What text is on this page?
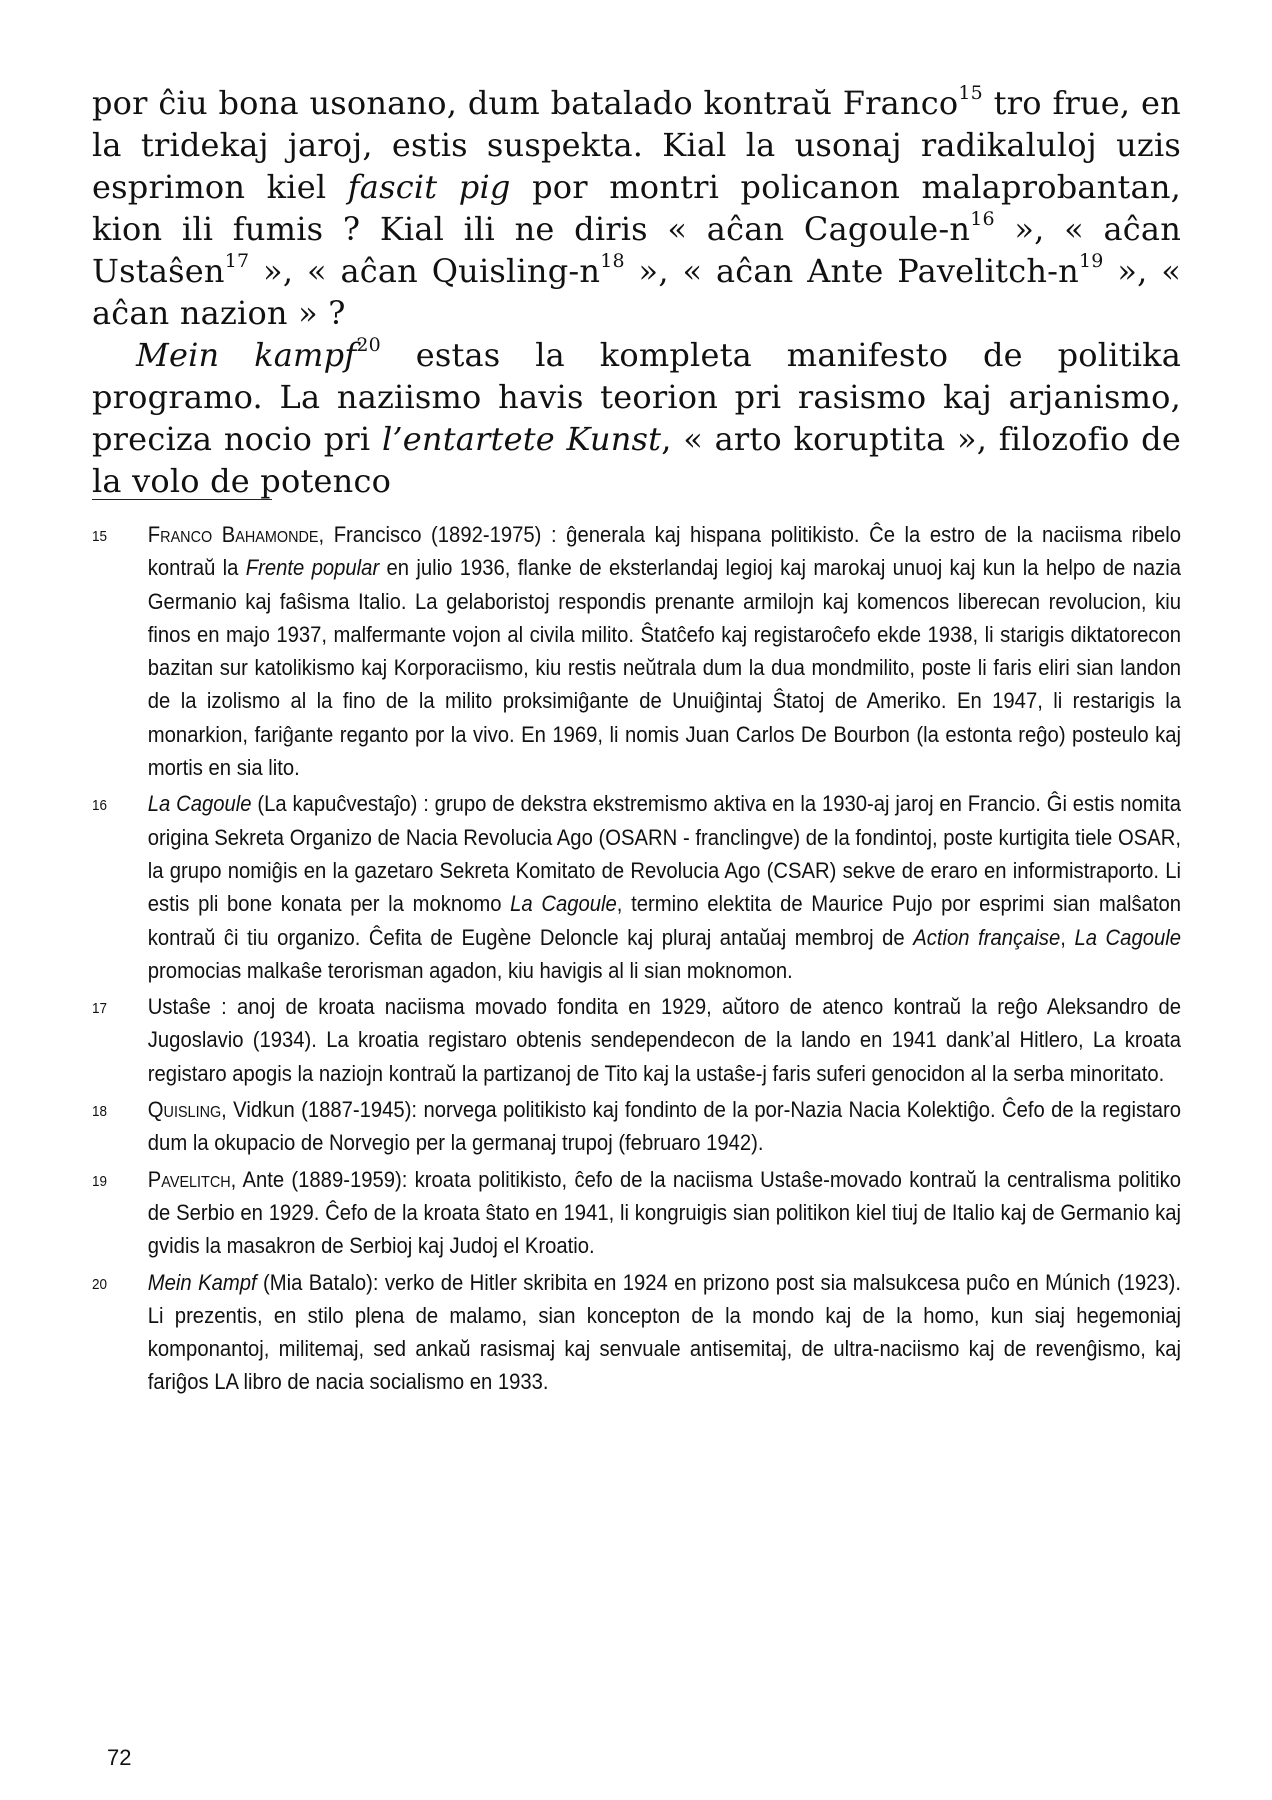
por ĉiu bona usonano, dum batalado kontraŭ Franco$^{15}$ tro frue, en la tridekaj jaroj, estis suspekta. Kial la usonaj radikaluloj uzis esprimon kiel fascit pig por montri policanon malaprobantan, kion ili fumis ? Kial ili ne diris « aĉan Cagoule-$n^{16}$ », « aĉan Ustaŝen$^{17}$ », « aĉan Quisling-$n^{18}$ », « aĉan Ante Pavelitch-$n^{19}$ », « aĉan nazion » ?

Mein kampf$^{20}$ estas la kompleta manifesto de politika programo. La naziismo havis teorion pri rasismo kaj arjanismo, preciza nocio pri l’entartete Kunst, « arto koruptita », filozofio de la volo de potenco

15	Franco Bahamonde, Francisco (1892-1975) : ĝenerala kaj hispana politikisto. Ĉe la estro de la naciisma ribelo kontraŭ la Frente popular en julio 1936, flanke de eksterlandaj legioj kaj marokaj unuoj kaj kun la helpo de nazia Germanio kaj faŝisma Italio. La gelaboristoj respondis prenante armilojn kaj komencos liberecan revolucion, kiu finos en majo 1937, malfermante vojon al civila milito. Ŝtatĉefo kaj registaroĉefo ekde 1938, li starigis diktatorecon bazitan sur katolikismo kaj Korporaciismo, kiu restis neŭtrala dum la dua mondmilito, poste li faris eliri sian landon de la izolismo al la fino de la milito proksimiĝante de Unuiĝintaj Ŝtatoj de Ameriko. En 1947, li restarigis la monarkion, fariĝante reganto por la vivo. En 1969, li nomis Juan Carlos De Bourbon (la estonta reĝo) posteulo kaj mortis en sia lito.
16	La Cagoule (La kapuĉvestaĵo) : grupo de dekstra ekstremismo aktiva en la 1930-aj jaroj en Francio. Ĝi estis nomita origina Sekreta Organizo de Nacia Revolucia Ago (OSARN - franclingve) de la fondintoj, poste kurtigita tiele OSAR, la grupo nomiĝis en la gazetaro Sekreta Komitato de Revolucia Ago (CSAR) sekve de eraro en informistraporto. Li estis pli bone konata per la moknomo La Cagoule, termino elektita de Maurice Pujo por esprimi sian malŝaton kontraŭ ĉi tiu organizo. Ĉefita de Eugène Deloncle kaj pluraj antaŭaj membroj de Action française, La Cagoule promocias malkaŝe terorisman agadon, kiu havigis al li sian moknomon.
17	Ustaŝe : anoj de kroata naciisma movado fondita en 1929, aŭtoro de atenco kontraŭ la reĝo Aleksandro de Jugoslavio (1934). La kroatia registaro obtenis sendependecon de la lando en 1941 dank’al Hitlero, La kroata registaro apogis la naziojn kontraŭ la partizanoj de Tito kaj la ustaŝe-j faris suferi genocidon al la serba minoritato.
18	Quisling, Vidkun (1887-1945): norvega politikisto kaj fondinto de la por-Nazia Nacia Kolektiĝo. Ĉefo de la registaro dum la okupacio de Norvegio per la germanaj trupoj (februaro 1942).
19	Pavelitch, Ante (1889-1959): kroata politikisto, ĉefo de la naciisma Ustaŝe-movado kontraŭ la centralisma politiko de Serbio en 1929. Ĉefo de la kroata ŝtato en 1941, li kongruigis sian politikon kiel tiuj de Italio kaj de Germanio kaj gvidis la masakron de Serbioj kaj Judoj el Kroatio.
20	Mein Kampf (Mia Batalo): verko de Hitler skribita en 1924 en prizono post sia malsukcesa puĉo en Múnich (1923). Li prezentis, en stilo plena de malamo, sian koncepton de la mondo kaj de la homo, kun siaj hegemoniaj komponantoj, militemaj, sed ankaŭ rasismaj kaj senvuale antisemitaj, de ultra-naciismo kaj de revenĝismo, kaj fariĝos LA libro de nacia socialismo en 1933.
72
